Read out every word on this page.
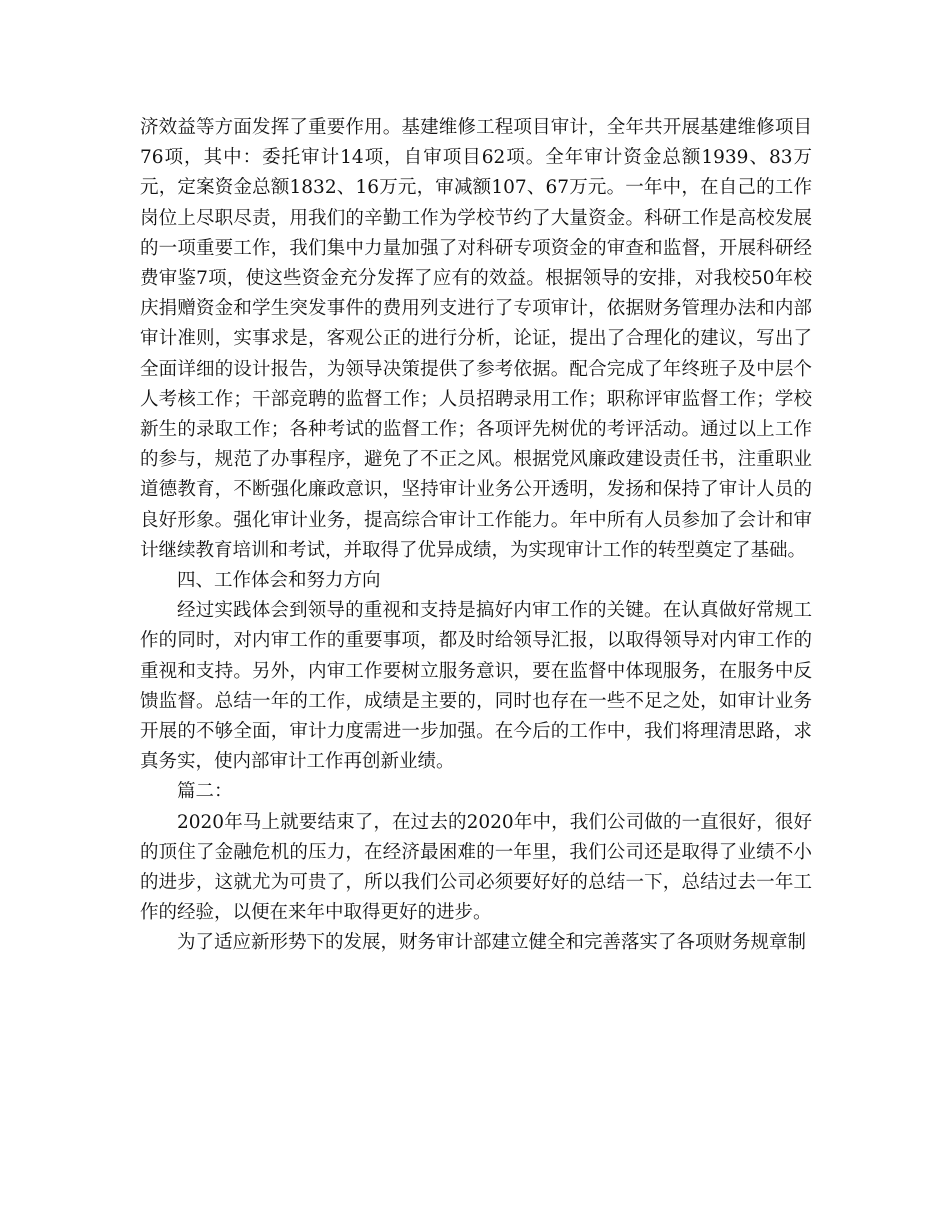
济效益等方面发挥了重要作用。基建维修工程项目审计，全年共开展基建维修项目76项，其中：委托审计14项，自审项目62项。全年审计资金总额1939、83万元，定案资金总额1832、16万元，审减额107、67万元。一年中，在自己的工作岗位上尽职尽责，用我们的辛勤工作为学校节约了大量资金。科研工作是高校发展的一项重要工作，我们集中力量加强了对科研专项资金的审查和监督，开展科研经费审鉴7项，使这些资金充分发挥了应有的效益。根据领导的安排，对我校50年校庆捐赠资金和学生突发事件的费用列支进行了专项审计，依据财务管理办法和内部审计准则，实事求是，客观公正的进行分析，论证，提出了合理化的建议，写出了全面详细的设计报告，为领导决策提供了参考依据。配合完成了年终班子及中层个人考核工作；干部竞聘的监督工作；人员招聘录用工作；职称评审监督工作；学校新生的录取工作；各种考试的监督工作；各项评先树优的考评活动。通过以上工作的参与，规范了办事程序，避免了不正之风。根据党风廉政建设责任书，注重职业道德教育，不断强化廉政意识，坚持审计业务公开透明，发扬和保持了审计人员的良好形象。强化审计业务，提高综合审计工作能力。年中所有人员参加了会计和审计继续教育培训和考试，并取得了优异成绩，为实现审计工作的转型奠定了基础。

四、工作体会和努力方向

经过实践体会到领导的重视和支持是搞好内审工作的关键。在认真做好常规工作的同时，对内审工作的重要事项，都及时给领导汇报，以取得领导对内审工作的重视和支持。另外，内审工作要树立服务意识，要在监督中体现服务，在服务中反馈监督。总结一年的工作，成绩是主要的，同时也存在一些不足之处，如审计业务开展的不够全面，审计力度需进一步加强。在今后的工作中，我们将理清思路，求真务实，使内部审计工作再创新业绩。

篇二：

2020年马上就要结束了，在过去的2020年中，我们公司做的一直很好，很好的顶住了金融危机的压力，在经济最困难的一年里，我们公司还是取得了业绩不小的进步，这就尤为可贵了，所以我们公司必须要好好的总结一下，总结过去一年工作的经验，以便在来年中取得更好的进步。

为了适应新形势下的发展，财务审计部建立健全和完善落实了各项财务规章制
